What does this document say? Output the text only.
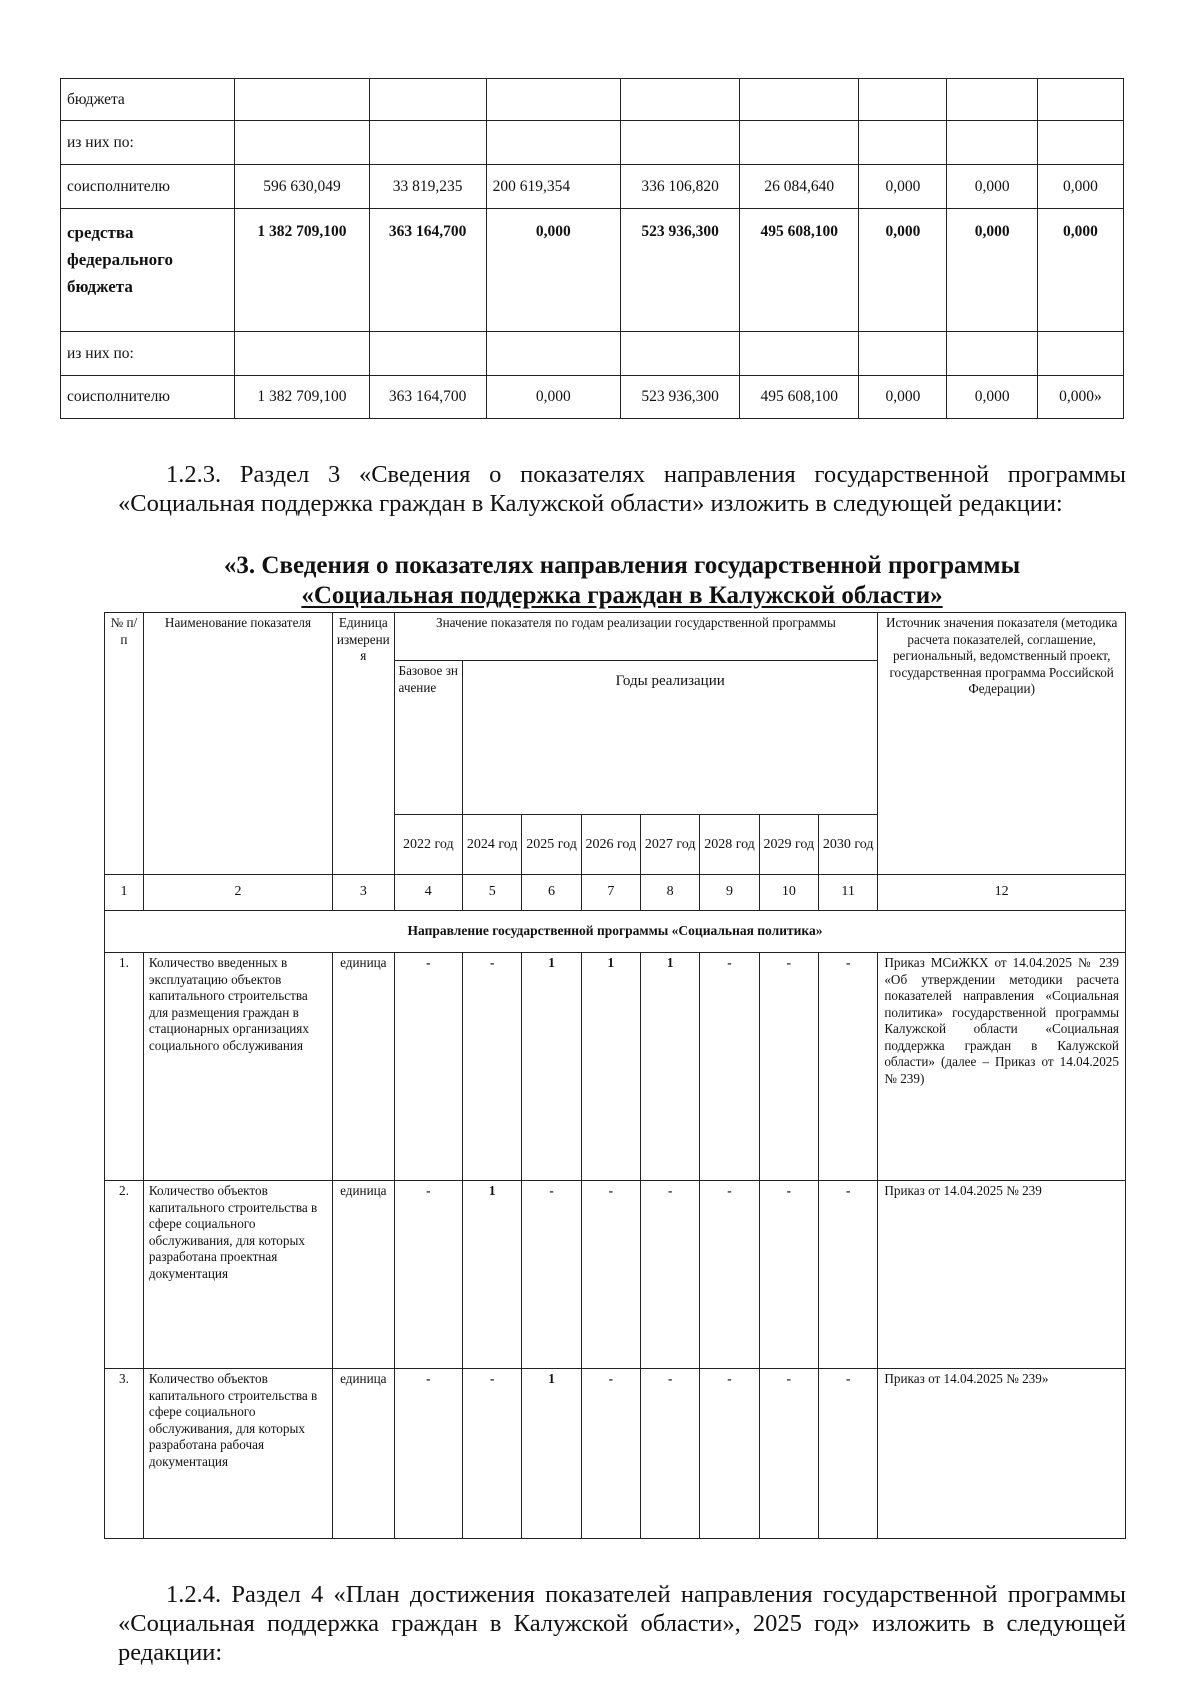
бюджета								
из них по:								
соисполнителю	596 630,049	33 819,235	200 619,354	336 106,820	26 084,640	0,000	0,000	0,000
средства федерального бюджета	1 382 709,100	363 164,700	0,000	523 936,300	495 608,100	0,000	0,000	0,000
из них по:								
соисполнителю	1 382 709,100	363 164,700	0,000	523 936,300	495 608,100	0,000	0,000	0,000»
1.2.3. Раздел 3 «Сведения о показателях направления государственной программы «Социальная поддержка граждан в Калужской области» изложить в следующей редакции:
«3. Сведения о показателях направления государственной программы
«Социальная поддержка граждан в Калужской области»
№ п/п	Наименование показателя	Единица измерения	Значение показателя по годам реализации государственной программы								Источник значения показателя (методика расчета показателей, соглашение, региональный, ведомственный проект, государственная программа Российской Федерации)
			Базовое значение	Годы реализации							
			2022 год	2024 год	2025 год	2026 год	2027 год	2028 год	2029 год	2030 год	
1	2	3	4	5	6	7	8	9	10	11	12
Направление государственной программы «Социальная политика»											
1.	Количество введенных в эксплуатацию объектов капитального строительства для размещения граждан в стационарных организациях социального обслуживания	единица	-	-	1	1	1	-	-	-	Приказ МСиЖКХ от 14.04.2025 № 239 «Об утверждении методики расчета показателей направления «Социальная политика» государственной программы Калужской области «Социальная поддержка граждан в Калужской области» (далее – Приказ от 14.04.2025 № 239)
2.	Количество объектов капитального строительства в сфере социального обслуживания, для которых разработана проектная документация	единица	-	1	-	-	-	-	-	-	Приказ от 14.04.2025 № 239
3.	Количество объектов капитального строительства в сфере социального обслуживания, для которых разработана рабочая документация	единица	-	-	1	-	-	-	-	-	Приказ от 14.04.2025 № 239»
1.2.4. Раздел 4 «План достижения показателей направления государственной программы «Социальная поддержка граждан в Калужской области», 2025 год» изложить в следующей редакции:
